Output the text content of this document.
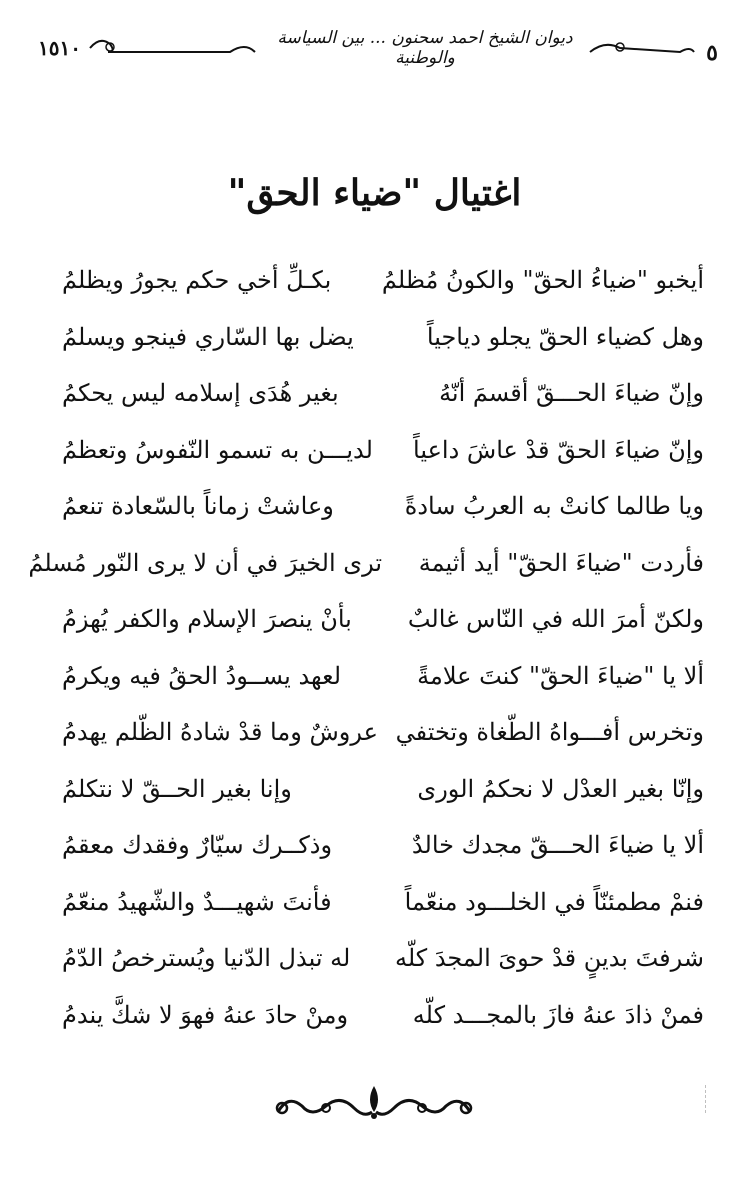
١٥١٠	ديوان الشيخ احمد سحنون ... بين السياسة والوطنية	٥
اغتيال "ضياء الحق"
أيخبو "ضياءُ الحقّ" والكونُ مُظلمُ
بكـلِّ أخي حكم يجورُ ويظلمُ
وهل كضياء الحقّ يجلو دياجياً
يضل بها السّاري فينجو ويسلمُ
وإنّ ضياءَ الحـــقّ أقسمَ أنّهُ
بغير هُدَى إسلامه ليس يحكمُ
وإنّ ضياءَ الحقّ قدْ عاشَ داعياً
لديـــن به تسمو النّفوسُ وتعظمُ
ويا طالما كانتْ به العربُ سادةً
وعاشتْ زماناً بالسّعادة تنعمُ
فأردت "ضياءَ الحقّ" أيد أثيمة
ترى الخيرَ في أن لا يرى النّور مُسلمُ
ولكنّ أمرَ الله في النّاس غالبٌ
بأنْ ينصرَ الإسلام والكفر يُهزمُ
ألا يا "ضياءَ الحقّ" كنتَ علامةً
لعهد يســودُ الحقُ فيه ويكرمُ
وتخرس أفـــواهُ الطّغاة وتختفي
عروشٌ وما قدْ شادهُ الظّلم يهدمُ
وإنّا بغير العدْل لا نحكمُ الورى
وإنا بغير الحــقّ لا نتكلمُ
ألا يا ضياءَ الحـــقّ مجدك خالدٌ
وذكــرك سيّارٌ وفقدك معقمُ
فنمْ مطمئنّاً في الخلـــود منعّماً
فأنتَ شهيـــدٌ والشّهيدُ منعّمُ
شرفتَ بدينٍ قدْ حوىَ المجدَ كلّه
له تبذل الدّنيا ويُسترخصُ الدّمُ
فمنْ ذادَ عنهُ فازَ بالمجـــد كلّه
ومنْ حادَ عنهُ فهوَ لا شكَّ يندمُ
